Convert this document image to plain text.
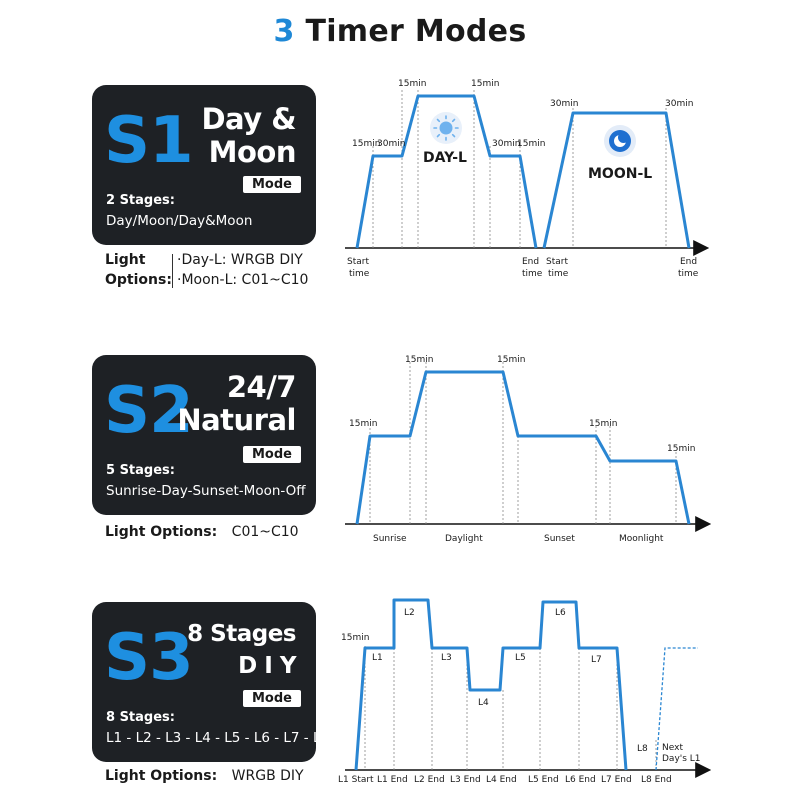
3 Timer Modes
S1 Day &
Moon
Mode
2 Stages:
Day/Moon/Day&Moon
Light
Options:
·Day-L: WRGB DIY
·Moon-L: C01~C10
S2	24/7
Natural
Mode
5 Stages:
Sunrise-Day-Sunset-Moon-Off
Light Options: C01~C10
S3
8 Stages
D I Y
Mode
8 Stages:
L1 - L2 - L3 - L4 - L5 - L6 - L7 - L8
Light Options: WRGB DIY
15min
30min
15min	15min
30min
15min
30min	30min
DAY-L
MOON-L
Start
time
End
time
Start
time
End
time
15min
15min	15min
15min
15min
Sunrise	Daylight	Sunset	Moonlight
15min
L1
L2
L3
L4
L5
L6
L7
L8 Next
Day's L1
L1 Start L1 End L2 End L3 End L4 End L5 End L6 End L7 End L8 End
